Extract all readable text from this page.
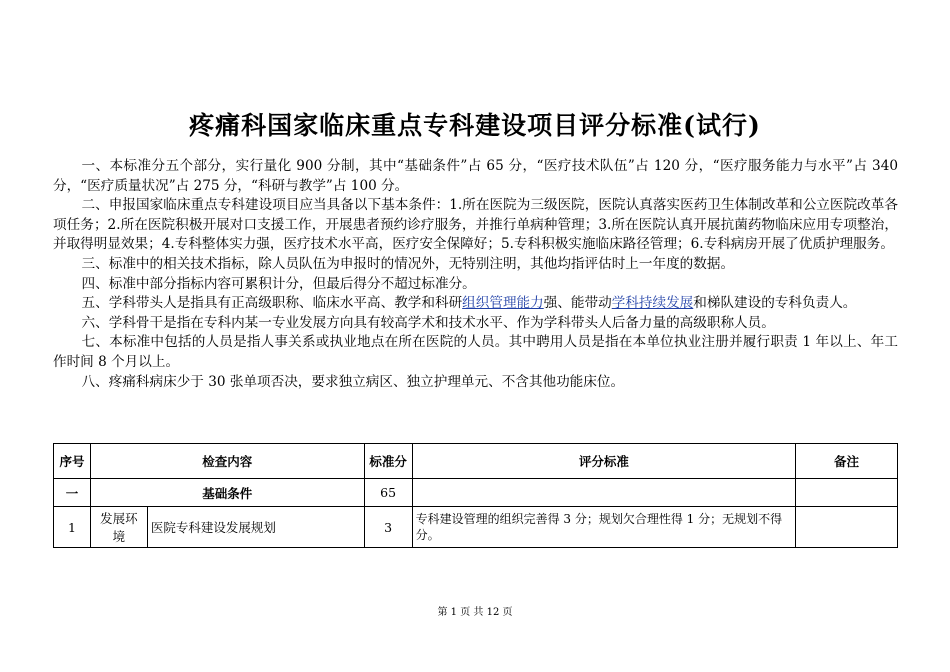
疼痛科国家临床重点专科建设项目评分标准(试行)

一、本标准分五个部分，实行量化 900 分制，其中“基础条件”占 65 分，“医疗技术队伍”占 120 分，“医疗服务能力与水平”占 340 分，“医疗质量状况”占 275 分，“科研与教学”占 100 分。

二、申报国家临床重点专科建设项目应当具备以下基本条件：1.所在医院为三级医院，医院认真落实医药卫生体制改革和公立医院改革各项任务；2.所在医院积极开展对口支援工作，开展患者预约诊疗服务，并推行单病种管理；3.所在医院认真开展抗菌药物临床应用专项整治，并取得明显效果；4.专科整体实力强，医疗技术水平高，医疗安全保障好；5.专科积极实施临床路径管理；6.专科病房开展了优质护理服务。

三、标准中的相关技术指标，除人员队伍为申报时的情况外，无特别注明，其他均指评估时上一年度的数据。

四、标准中部分指标内容可累积计分，但最后得分不超过标准分。

五、学科带头人是指具有正高级职称、临床水平高、教学和科研组织管理能力强、能带动学科持续发展和梯队建设的专科负责人。

六、学科骨干是指在专科内某一专业发展方向具有较高学术和技术水平、作为学科带头人后备力量的高级职称人员。

七、本标准中包括的人员是指人事关系或执业地点在所在医院的人员。其中聘用人员是指在本单位执业注册并履行职责 1 年以上、年工作时间 8 个月以上。

八、疼痛科病床少于 30 张单项否决，要求独立病区、独立护理单元、不含其他功能床位。

序号	检查内容		标准分	评分标准	备注
一	基础条件		65		
1	发展环境	医院专科建设发展规划	3	专科建设管理的组织完善得 3 分；规划欠合理性得 1 分；无规划不得分。	
第 1 页 共 12 页
